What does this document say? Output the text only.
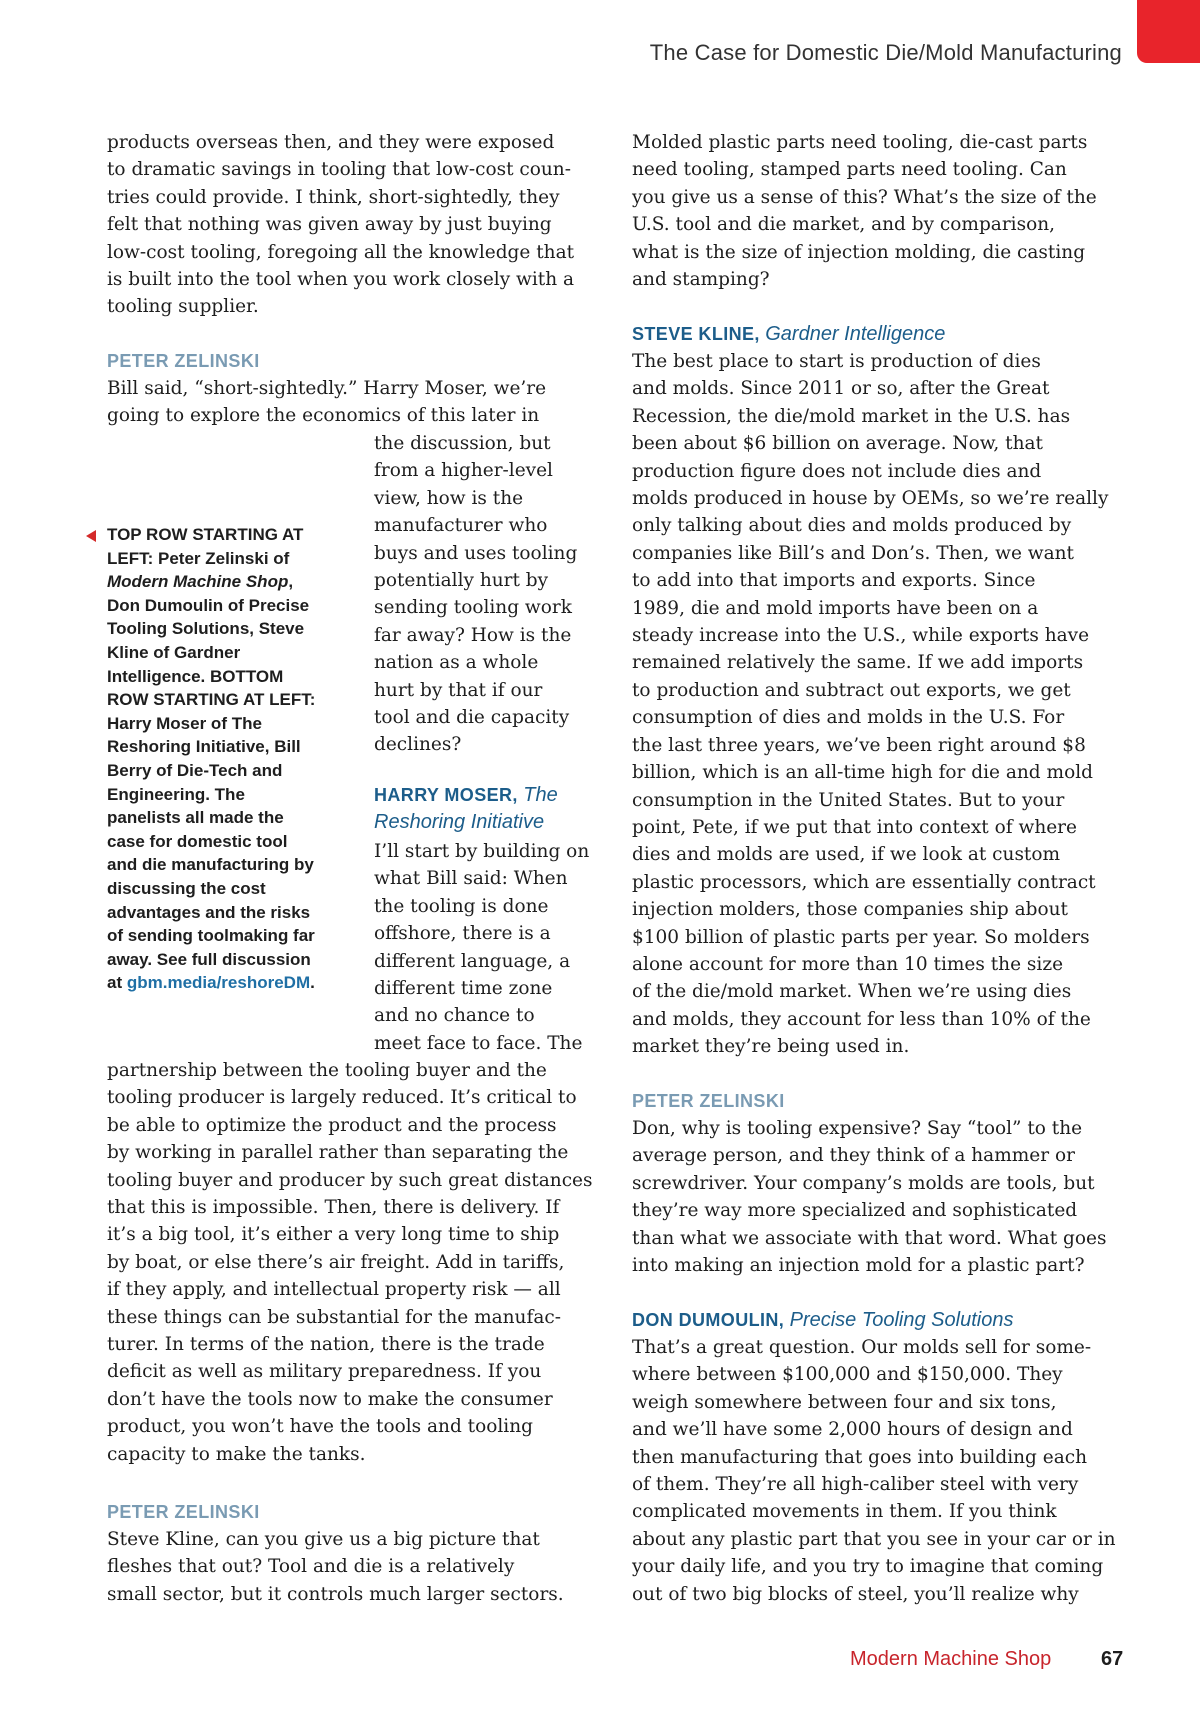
The Case for Domestic Die/Mold Manufacturing
products overseas then, and they were exposed
to dramatic savings in tooling that low-cost coun-
tries could provide. I think, short-sightedly, they
felt that nothing was given away by just buying
low-cost tooling, foregoing all the knowledge that
is built into the tool when you work closely with a
tooling supplier.
PETER ZELINSKI
Bill said, “short-sightedly.” Harry Moser, we’re
going to explore the economics of this later in
the discussion, but
from a higher-level
view, how is the
manufacturer who
buys and uses tooling
potentially hurt by
sending tooling work
far away? How is the
nation as a whole
hurt by that if our
tool and die capacity
declines?
HARRY MOSER, The
Reshoring Initiative
I’ll start by building on
what Bill said: When
the tooling is done
offshore, there is a
different language, a
different time zone
and no chance to
meet face to face. The
partnership between the tooling buyer and the
tooling producer is largely reduced. It’s critical to
be able to optimize the product and the process
by working in parallel rather than separating the
tooling buyer and producer by such great distances
that this is impossible. Then, there is delivery. If
it’s a big tool, it’s either a very long time to ship
by boat, or else there’s air freight. Add in tariffs,
if they apply, and intellectual property risk — all
these things can be substantial for the manufac-
turer. In terms of the nation, there is the trade
deficit as well as military preparedness. If you
don’t have the tools now to make the consumer
product, you won’t have the tools and tooling
capacity to make the tanks.
PETER ZELINSKI
Steve Kline, can you give us a big picture that
fleshes that out? Tool and die is a relatively
small sector, but it controls much larger sectors.
TOP ROW STARTING AT
LEFT: Peter Zelinski of
Modern Machine Shop,
Don Dumoulin of Precise
Tooling Solutions, Steve
Kline of Gardner
Intelligence. BOTTOM
ROW STARTING AT LEFT:
Harry Moser of The
Reshoring Initiative, Bill
Berry of Die-Tech and
Engineering. The
panelists all made the
case for domestic tool
and die manufacturing by
discussing the cost
advantages and the risks
of sending toolmaking far
away. See full discussion
at gbm.media/reshoreDM.
Molded plastic parts need tooling, die-cast parts
need tooling, stamped parts need tooling. Can
you give us a sense of this? What’s the size of the
U.S. tool and die market, and by comparison,
what is the size of injection molding, die casting
and stamping?
STEVE KLINE, Gardner Intelligence
The best place to start is production of dies
and molds. Since 2011 or so, after the Great
Recession, the die/mold market in the U.S. has
been about $6 billion on average. Now, that
production figure does not include dies and
molds produced in house by OEMs, so we’re really
only talking about dies and molds produced by
companies like Bill’s and Don’s. Then, we want
to add into that imports and exports. Since
1989, die and mold imports have been on a
steady increase into the U.S., while exports have
remained relatively the same. If we add imports
to production and subtract out exports, we get
consumption of dies and molds in the U.S. For
the last three years, we’ve been right around $8
billion, which is an all-time high for die and mold
consumption in the United States. But to your
point, Pete, if we put that into context of where
dies and molds are used, if we look at custom
plastic processors, which are essentially contract
injection molders, those companies ship about
$100 billion of plastic parts per year. So molders
alone account for more than 10 times the size
of the die/mold market. When we’re using dies
and molds, they account for less than 10% of the
market they’re being used in.
PETER ZELINSKI
Don, why is tooling expensive? Say “tool” to the
average person, and they think of a hammer or
screwdriver. Your company’s molds are tools, but
they’re way more specialized and sophisticated
than what we associate with that word. What goes
into making an injection mold for a plastic part?
DON DUMOULIN, Precise Tooling Solutions
That’s a great question. Our molds sell for some-
where between $100,000 and $150,000. They
weigh somewhere between four and six tons,
and we’ll have some 2,000 hours of design and
then manufacturing that goes into building each
of them. They’re all high-caliber steel with very
complicated movements in them. If you think
about any plastic part that you see in your car or in
your daily life, and you try to imagine that coming
out of two big blocks of steel, you’ll realize why
Modern Machine Shop 67
